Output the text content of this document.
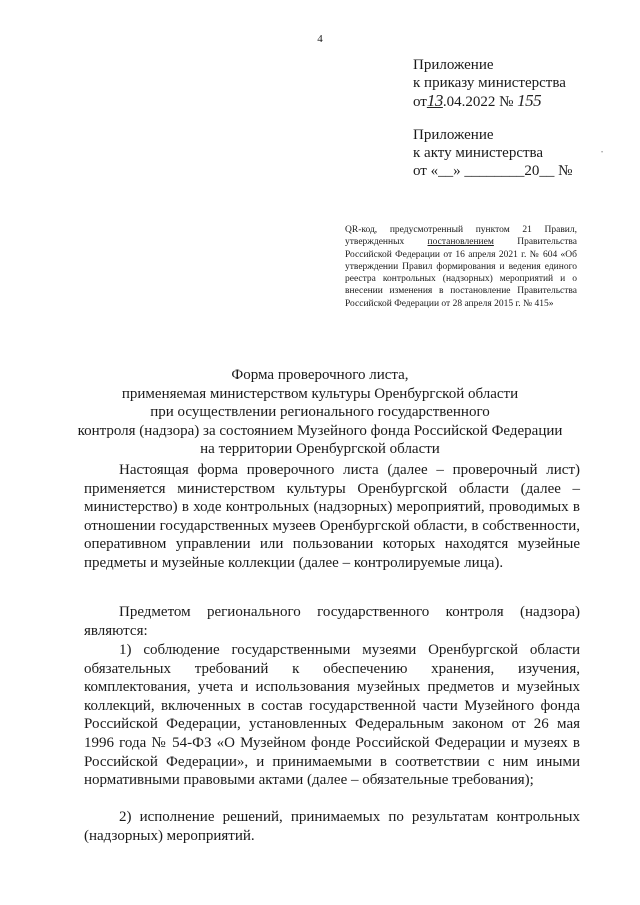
4
•
Приложение
к приказу министерства
от13.04.2022 № 155
Приложение
к акту министерства
от «__» ________20__ №
QR-код, предусмотренный пунктом 21 Правил, утвержденных постановлением Правительства Российской Федерации от 16 апреля 2021 г. № 604 «Об утверждении Правил формирования и ведения единого реестра контрольных (надзорных) мероприятий и о внесении изменения в постановление Правительства Российской Федерации от 28 апреля 2015 г. № 415»
Форма проверочного листа,
применяемая министерством культуры Оренбургской области
при осуществлении регионального государственного
контроля (надзора) за состоянием Музейного фонда Российской Федерации
на территории Оренбургской области

Настоящая форма проверочного листа (далее – проверочный лист) применяется министерством культуры Оренбургской области (далее – министерство) в ходе контрольных (надзорных) мероприятий, проводимых в отношении государственных музеев Оренбургской области, в собственности, оперативном управлении или пользовании которых находятся музейные предметы и музейные коллекции (далее – контролируемые лица).

Предметом регионального государственного контроля (надзора) являются:

1) соблюдение государственными музеями Оренбургской области обязательных требований к обеспечению хранения, изучения, комплектования, учета и использования музейных предметов и музейных коллекций, включенных в состав государственной части Музейного фонда Российской Федерации, установленных Федеральным законом от 26 мая 1996 года № 54-ФЗ «О Музейном фонде Российской Федерации и музеях в Российской Федерации», и принимаемыми в соответствии с ним иными нормативными правовыми актами (далее – обязательные требования);

2) исполнение решений, принимаемых по результатам контрольных (надзорных) мероприятий.
